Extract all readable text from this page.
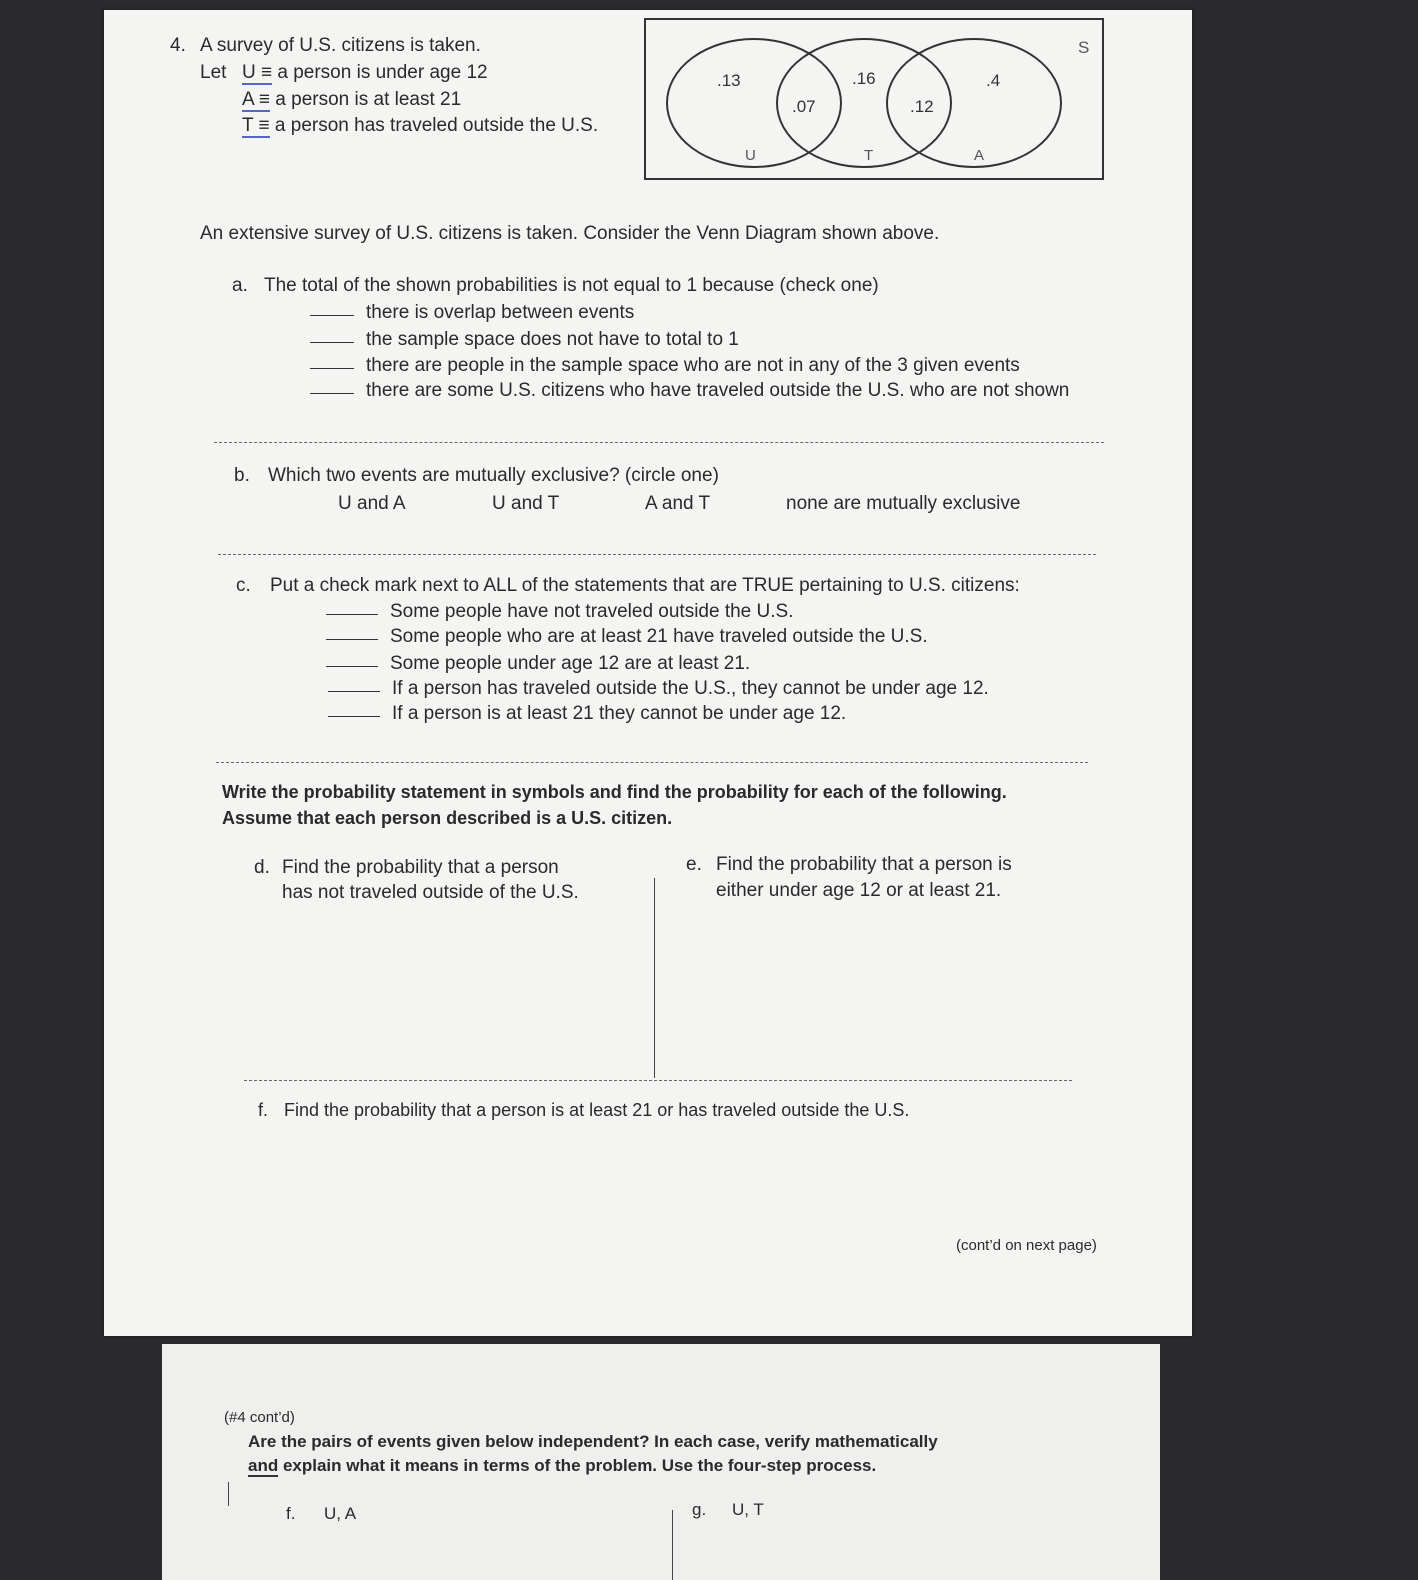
4. A survey of U.S. citizens is taken.
Let U ≡ a person is under age 12
A ≡ a person is at least 21
T ≡ a person has traveled outside the U.S.
S
.13
.07
.16
.12
.4
U	T	A
An extensive survey of U.S. citizens is taken. Consider the Venn Diagram shown above.
a. The total of the shown probabilities is not equal to 1 because (check one)
there is overlap between events
the sample space does not have to total to 1
there are people in the sample space who are not in any of the 3 given events
there are some U.S. citizens who have traveled outside the U.S. who are not shown
b. Which two events are mutually exclusive? (circle one)
U and A	U and T	A and T	none are mutually exclusive
c. Put a check mark next to ALL of the statements that are TRUE pertaining to U.S. citizens:
Some people have not traveled outside the U.S.
Some people who are at least 21 have traveled outside the U.S.
Some people under age 12 are at least 21.
If a person has traveled outside the U.S., they cannot be under age 12.
If a person is at least 21 they cannot be under age 12.
Write the probability statement in symbols and find the probability for each of the following.
Assume that each person described is a U.S. citizen.
d. Find the probability that a person
has not traveled outside of the U.S.
e. Find the probability that a person is
either under age 12 or at least 21.
f. Find the probability that a person is at least 21 or has traveled outside the U.S.
(cont’d on next page)
(#4 cont’d)
Are the pairs of events given below independent? In each case, verify mathematically
and explain what it means in terms of the problem. Use the four-step process.
f. U, A	g. U, T
